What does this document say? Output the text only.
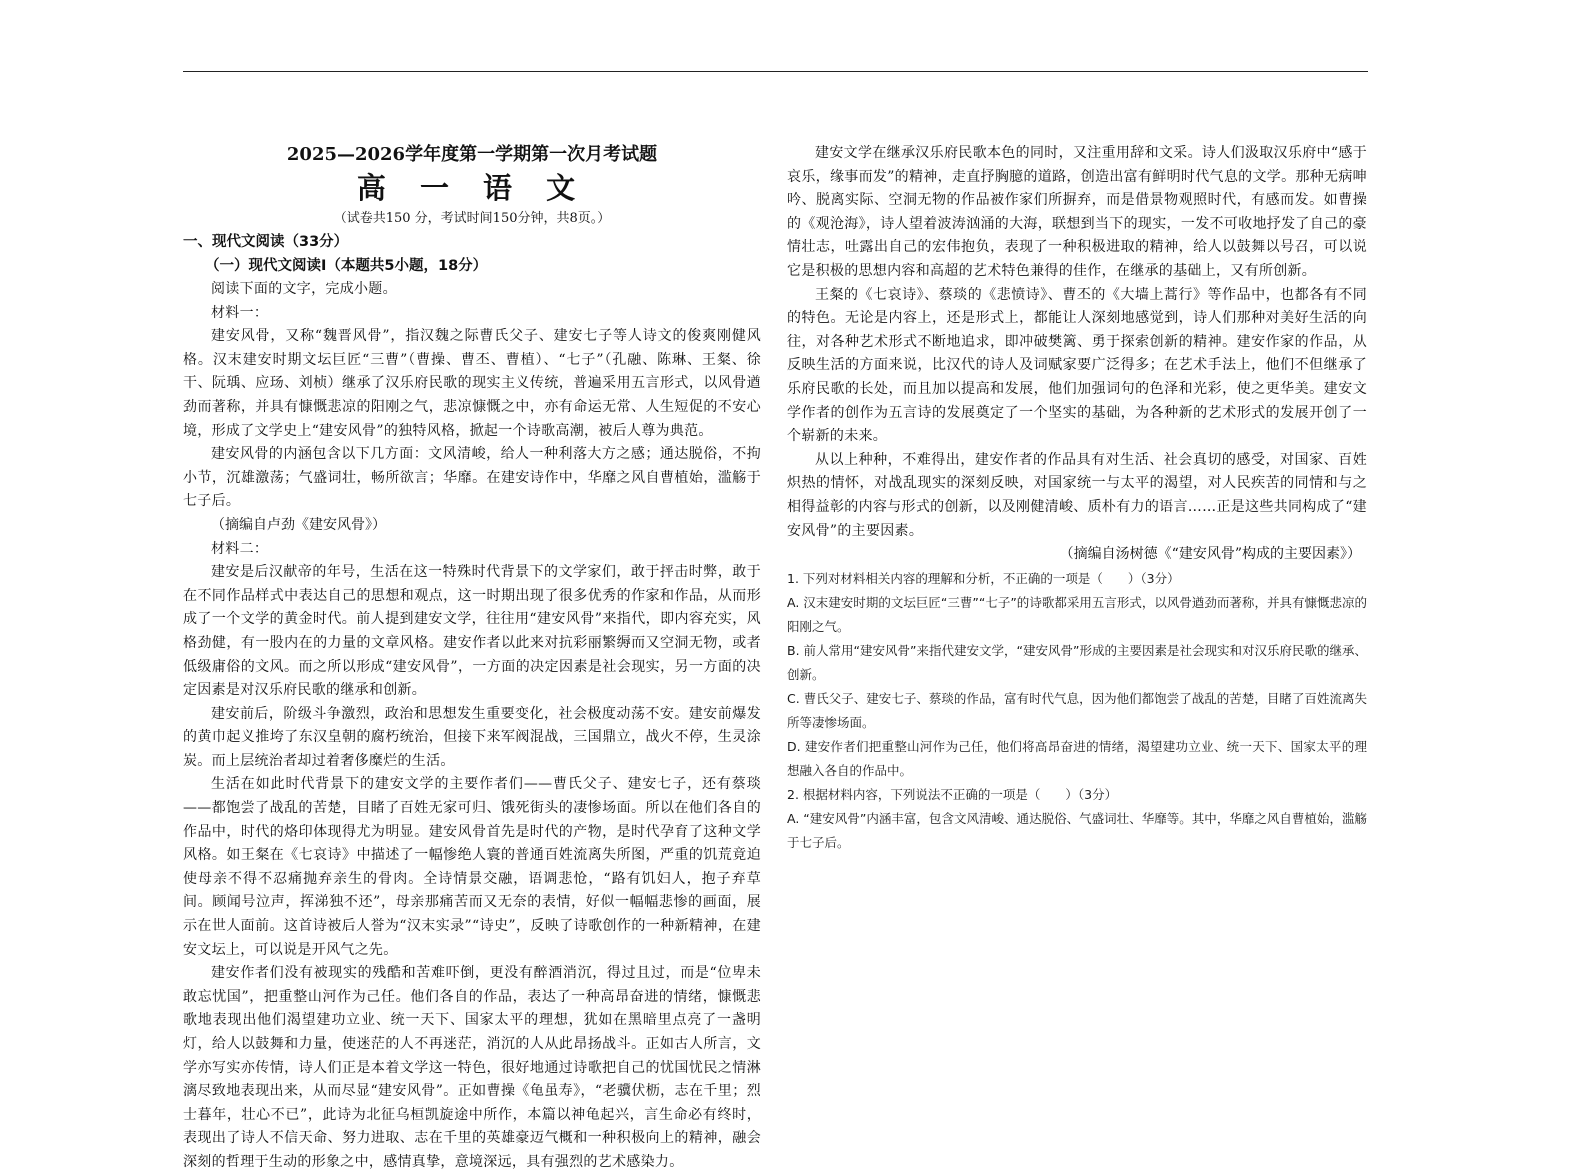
2025—2026学年度第一学期第一次月考试题

高 一 语 文

（试卷共150 分，考试时间150分钟，共8页。）

一、现代文阅读（33分）

（一）现代文阅读Ⅰ（本题共5小题，18分）

阅读下面的文字，完成小题。

材料一：

建安风骨，又称“魏晋风骨”，指汉魏之际曹氏父子、建安七子等人诗文的俊爽刚健风格。汉末建安时期文坛巨匠“三曹”（曹操、曹丕、曹植）、“七子”（孔融、陈琳、王粲、徐干、阮瑀、应玚、刘桢）继承了汉乐府民歌的现实主义传统，普遍采用五言形式，以风骨遒劲而著称，并具有慷慨悲凉的阳刚之气，悲凉慷慨之中，亦有命运无常、人生短促的不安心境，形成了文学史上“建安风骨”的独特风格，掀起一个诗歌高潮，被后人尊为典范。

建安风骨的内涵包含以下几方面：文风清峻，给人一种利落大方之感；通达脱俗，不拘小节，沉雄激荡；气盛词壮，畅所欲言；华靡。在建安诗作中，华靡之风自曹植始，滥觞于七子后。

（摘编自卢劲《建安风骨》）

材料二：

建安是后汉献帝的年号，生活在这一特殊时代背景下的文学家们，敢于抨击时弊，敢于在不同作品样式中表达自己的思想和观点，这一时期出现了很多优秀的作家和作品，从而形成了一个文学的黄金时代。前人提到建安文学，往往用“建安风骨”来指代，即内容充实，风格劲健，有一股内在的力量的文章风格。建安作者以此来对抗彩丽繁缛而又空洞无物，或者低级庸俗的文风。而之所以形成“建安风骨”，一方面的决定因素是社会现实，另一方面的决定因素是对汉乐府民歌的继承和创新。

建安前后，阶级斗争激烈，政治和思想发生重要变化，社会极度动荡不安。建安前爆发的黄巾起义推垮了东汉皇朝的腐朽统治，但接下来军阀混战，三国鼎立，战火不停，生灵涂炭。而上层统治者却过着奢侈糜烂的生活。

生活在如此时代背景下的建安文学的主要作者们——曹氏父子、建安七子，还有蔡琰——都饱尝了战乱的苦楚，目睹了百姓无家可归、饿死街头的凄惨场面。所以在他们各自的作品中，时代的烙印体现得尤为明显。建安风骨首先是时代的产物，是时代孕育了这种文学风格。如王粲在《七哀诗》中描述了一幅惨绝人寰的普通百姓流离失所图，严重的饥荒竟迫使母亲不得不忍痛抛弃亲生的骨肉。全诗情景交融，语调悲怆，“路有饥妇人，抱子弃草间。顾闻号泣声，挥涕独不还”，母亲那痛苦而又无奈的表情，好似一幅幅悲惨的画面，展示在世人面前。这首诗被后人誉为“汉末实录”“诗史”，反映了诗歌创作的一种新精神，在建安文坛上，可以说是开风气之先。

建安作者们没有被现实的残酷和苦难吓倒，更没有醉酒消沉，得过且过，而是“位卑未敢忘忧国”，把重整山河作为己任。他们各自的作品，表达了一种高昂奋进的情绪，慷慨悲歌地表现出他们渴望建功立业、统一天下、国家太平的理想，犹如在黑暗里点亮了一盏明灯，给人以鼓舞和力量，使迷茫的人不再迷茫，消沉的人从此昂扬战斗。正如古人所言，文学亦写实亦传情，诗人们正是本着文学这一特色，很好地通过诗歌把自己的忧国忧民之情淋漓尽致地表现出来，从而尽显“建安风骨”。正如曹操《龟虽寿》，“老骥伏枥，志在千里；烈士暮年，壮心不已”，此诗为北征乌桓凯旋途中所作，本篇以神龟起兴，言生命必有终时，表现出了诗人不信天命、努力进取、志在千里的英雄豪迈气概和一种积极向上的精神，融会深刻的哲理于生动的形象之中，感情真挚，意境深远，具有强烈的艺术感染力。

建安文学在继承汉乐府民歌本色的同时，又注重用辞和文采。诗人们汲取汉乐府中“感于哀乐，缘事而发”的精神，走直抒胸臆的道路，创造出富有鲜明时代气息的文学。那种无病呻吟、脱离实际、空洞无物的作品被作家们所摒弃，而是借景物观照时代，有感而发。如曹操的《观沧海》，诗人望着波涛汹涌的大海，联想到当下的现实，一发不可收地抒发了自己的豪情壮志，吐露出自己的宏伟抱负，表现了一种积极进取的精神，给人以鼓舞以号召，可以说它是积极的思想内容和高超的艺术特色兼得的佳作，在继承的基础上，又有所创新。

王粲的《七哀诗》、蔡琰的《悲愤诗》、曹丕的《大墙上蒿行》等作品中，也都各有不同的特色。无论是内容上，还是形式上，都能让人深刻地感觉到，诗人们那种对美好生活的向往，对各种艺术形式不断地追求，即冲破樊篱、勇于探索创新的精神。建安作家的作品，从反映生活的方面来说，比汉代的诗人及词赋家要广泛得多；在艺术手法上，他们不但继承了乐府民歌的长处，而且加以提高和发展，他们加强词句的色泽和光彩，使之更华美。建安文学作者的创作为五言诗的发展奠定了一个坚实的基础，为各种新的艺术形式的发展开创了一个崭新的未来。

从以上种种，不难得出，建安作者的作品具有对生活、社会真切的感受，对国家、百姓炽热的情怀，对战乱现实的深刻反映，对国家统一与太平的渴望，对人民疾苦的同情和与之相得益彰的内容与形式的创新，以及刚健清峻、质朴有力的语言……正是这些共同构成了“建安风骨”的主要因素。

（摘编自汤树德《“建安风骨”构成的主要因素》）

1. 下列对材料相关内容的理解和分析，不正确的一项是（　　）（3分）

A. 汉末建安时期的文坛巨匠“三曹”“七子”的诗歌都采用五言形式，以风骨遒劲而著称，并具有慷慨悲凉的阳刚之气。

B. 前人常用“建安风骨”来指代建安文学，“建安风骨”形成的主要因素是社会现实和对汉乐府民歌的继承、创新。

C. 曹氏父子、建安七子、蔡琰的作品，富有时代气息，因为他们都饱尝了战乱的苦楚，目睹了百姓流离失所等凄惨场面。

D. 建安作者们把重整山河作为己任，他们将高昂奋进的情绪，渴望建功立业、统一天下、国家太平的理想融入各自的作品中。

2. 根据材料内容，下列说法不正确的一项是（　　）（3分）

A. “建安风骨”内涵丰富，包含文风清峻、通达脱俗、气盛词壮、华靡等。其中，华靡之风自曹植始，滥觞于七子后。
